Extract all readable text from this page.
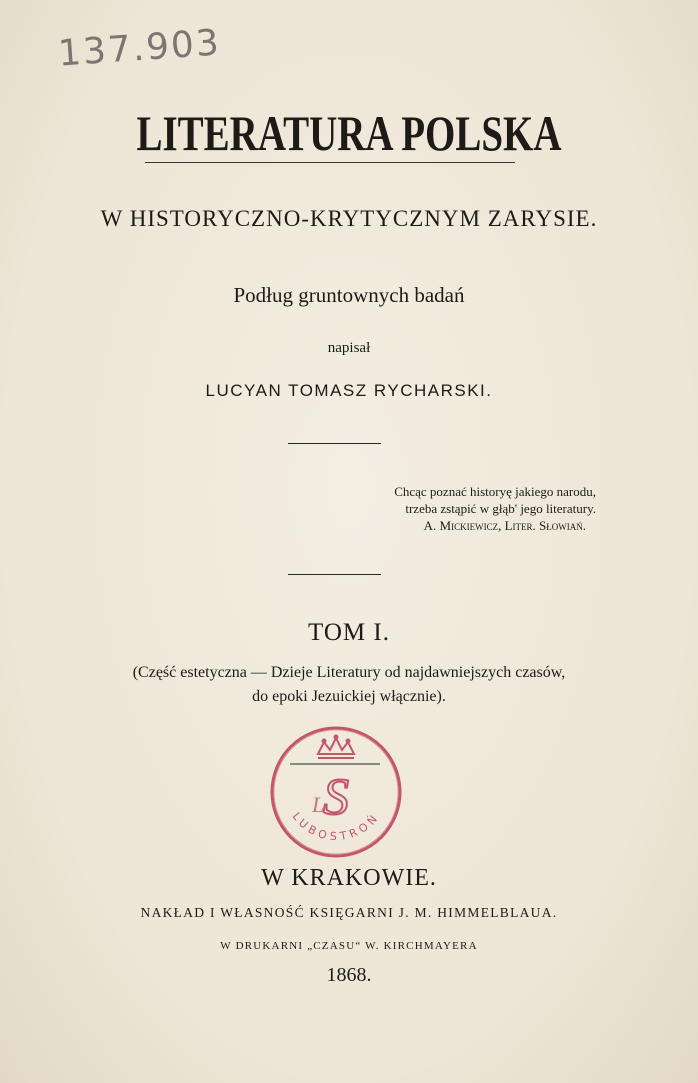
137.903
LITERATURA POLSKA
W HISTORYCZNO-KRYTYCZNYM ZARYSIE.
Podług gruntownych badań
napisał
LUCYAN TOMASZ RYCHARSKI.
Chcąc poznać historyę jakiego narodu,
trzeba zstąpić w głąb' jego literatury.
A. Mickiewicz, Liter. Słowiań.
TOM I.
(Część estetyczna — Dzieje Literatury od najdawniejszych czasów,
do epoki Jezuickiej włącznie).
S
L
LUBOSTROŃ
W KRAKOWIE.
NAKŁAD I WŁASNOŚĆ KSIĘGARNI J. M. HIMMELBLAUA.
W DRUKARNI „CZASU“ W. KIRCHMAYERA
1868.
